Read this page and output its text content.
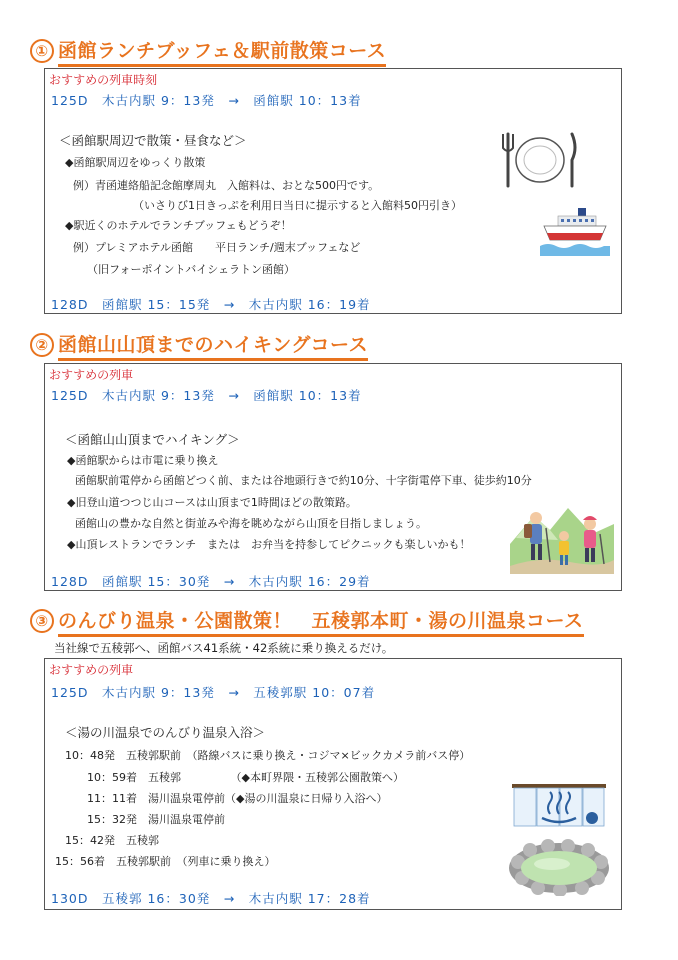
① 函館ランチブッフェ＆駅前散策コース
おすすめの列車時刻
125D　木古内駅 9：13発　→　函館駅 10：13着
＜函館駅周辺で散策・昼食など＞
◆函館駅周辺をゆっくり散策
例）青函連絡船記念館摩周丸　入館料は、おとな500円です。
（いさりび1日きっぷを利用日当日に提示すると入館料50円引き）
◆駅近くのホテルでランチブッフェもどうぞ！
例）プレミアホテル函館　　平日ランチ/週末ブッフェなど
（旧フォーポイントバイシェラトン函館）
128D　函館駅 15：15発　→　木古内駅 16：19着
② 函館山山頂までのハイキングコース
おすすめの列車
125D　木古内駅 9：13発　→　函館駅 10：13着
＜函館山山頂までハイキング＞
◆函館駅からは市電に乗り換え
函館駅前電停から函館どつく前、または谷地頭行きで約10分、十字街電停下車、徒歩約10分
◆旧登山道つつじ山コースは山頂まで1時間ほどの散策路。
函館山の豊かな自然と街並みや海を眺めながら山頂を目指しましょう。
◆山頂レストランでランチ　または　お弁当を持参してピクニックも楽しいかも！
128D　函館駅 15：30発　→　木古内駅 16：29着
③ のんびり温泉・公園散策！　五稜郭本町・湯の川温泉コース
当社線で五稜郭へ、函館バス41系統・42系統に乗り換えるだけ。
おすすめの列車
125D　木古内駅 9：13発　→　五稜郭駅 10：07着
＜湯の川温泉でのんびり温泉入浴＞
10：48発　五稜郭駅前　（路線バスに乗り換え・コジマ×ビックカメラ前バス停）
10：59着　五稜郭　　　　　（◆本町界隈・五稜郭公園散策へ）
11：11着　湯川温泉電停前（◆湯の川温泉に日帰り入浴へ）
15：32発　湯川温泉電停前
15：42発　五稜郭
15：56着　五稜郭駅前　（列車に乗り換え）
130D　五稜郭 16：30発　→　木古内駅 17：28着
